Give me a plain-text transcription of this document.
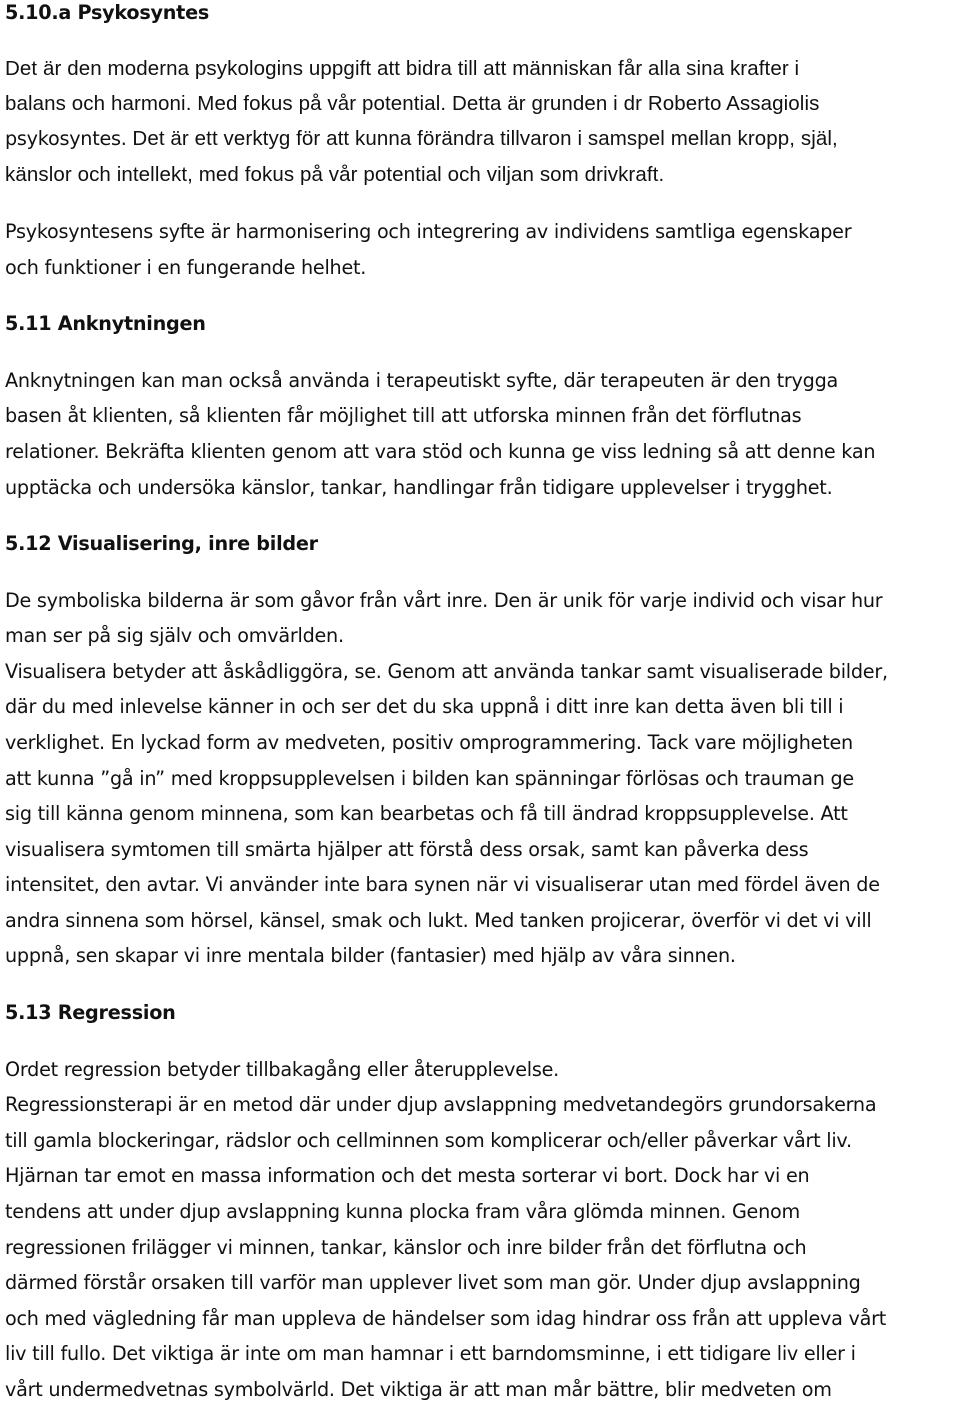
5.10.a Psykosyntes
Det är den moderna psykologins uppgift att bidra till att människan får alla sina krafter i
balans och harmoni. Med fokus på vår potential. Detta är grunden i dr Roberto Assagiolis
psykosyntes. Det är ett verktyg för att kunna förändra tillvaron i samspel mellan kropp, själ,
känslor och intellekt, med fokus på vår potential och viljan som drivkraft.
Psykosyntesens syfte är harmonisering och integrering av individens samtliga egenskaper
och funktioner i en fungerande helhet.
5.11 Anknytningen
Anknytningen kan man också använda i terapeutiskt syfte, där terapeuten är den trygga
basen åt klienten, så klienten får möjlighet till att utforska minnen från det förflutnas
relationer. Bekräfta klienten genom att vara stöd och kunna ge viss ledning så att denne kan
upptäcka och undersöka känslor, tankar, handlingar från tidigare upplevelser i trygghet.
5.12 Visualisering, inre bilder
De symboliska bilderna är som gåvor från vårt inre. Den är unik för varje individ och visar hur
man ser på sig själv och omvärlden.
Visualisera betyder att åskådliggöra, se. Genom att använda tankar samt visualiserade bilder,
där du med inlevelse känner in och ser det du ska uppnå i ditt inre kan detta även bli till i
verklighet. En lyckad form av medveten, positiv omprogrammering. Tack vare möjligheten
att kunna ”gå in” med kroppsupplevelsen i bilden kan spänningar förlösas och trauman ge
sig till känna genom minnena, som kan bearbetas och få till ändrad kroppsupplevelse. Att
visualisera symtomen till smärta hjälper att förstå dess orsak, samt kan påverka dess
intensitet, den avtar. Vi använder inte bara synen när vi visualiserar utan med fördel även de
andra sinnena som hörsel, känsel, smak och lukt. Med tanken projicerar, överför vi det vi vill
uppnå, sen skapar vi inre mentala bilder (fantasier) med hjälp av våra sinnen.
5.13 Regression
Ordet regression betyder tillbakagång eller återupplevelse.
Regressionsterapi är en metod där under djup avslappning medvetandegörs grundorsakerna
till gamla blockeringar, rädslor och cellminnen som komplicerar och/eller påverkar vårt liv.
Hjärnan tar emot en massa information och det mesta sorterar vi bort. Dock har vi en
tendens att under djup avslappning kunna plocka fram våra glömda minnen. Genom
regressionen frilägger vi minnen, tankar, känslor och inre bilder från det förflutna och
därmed förstår orsaken till varför man upplever livet som man gör. Under djup avslappning
och med vägledning får man uppleva de händelser som idag hindrar oss från att uppleva vårt
liv till fullo. Det viktiga är inte om man hamnar i ett barndomsminne, i ett tidigare liv eller i
vårt undermedvetnas symbolvärld. Det viktiga är att man mår bättre, blir medveten om
